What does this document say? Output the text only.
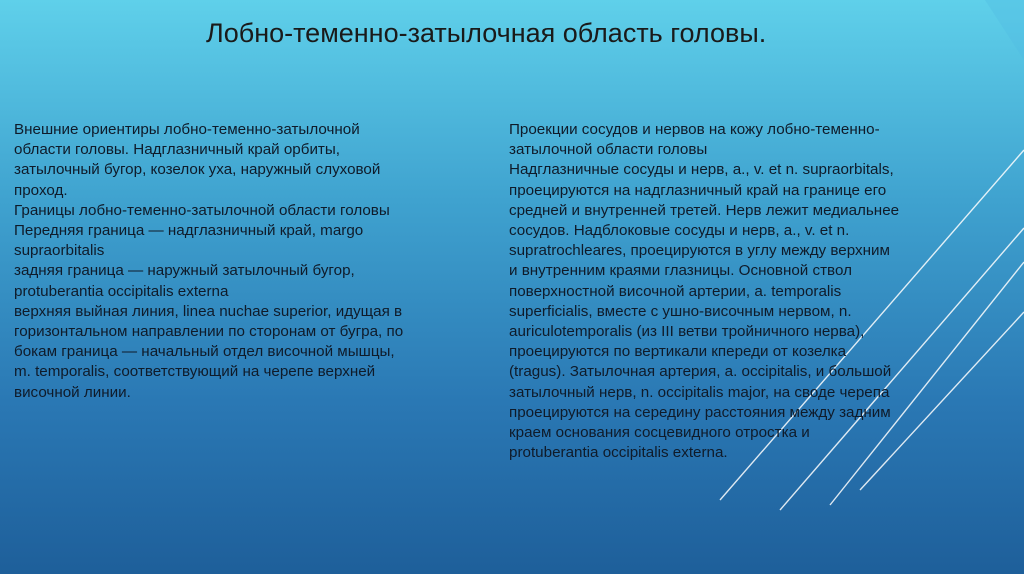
Лобно-теменно-затылочная область головы.
Внешние ориентиры лобно-теменно-затылочной
области головы. Надглазничный край орбиты,
затылочный бугор, козелок уха, наружный слуховой
проход.
Границы лобно-теменно-затылочной области головы
Передняя граница — надглазничный край, margo
supraorbitalis
задняя граница — наружный затылочный бугор,
protuberantia occipitalis externa
верхняя выйная линия, linea nuchae superior, идущая в
горизонтальном направлении по сторонам от бугра, по
бокам граница — начальный отдел височной мышцы,
m. temporalis, соответствующий на черепе верхней
височной линии.
Проекции сосудов и нервов на кожу лобно-теменно-
затылочной области головы
Надглазничные сосуды и нерв, a., v. et n. supraorbitals,
проецируются на надглазничный край на границе его
средней и внутренней третей. Нерв лежит медиальнее
сосудов. Надблоковые сосуды и нерв, a., v. et n.
supratrochleares, проецируются в углу между верхним
и внутренним краями глазницы. Основной ствол
поверхностной височной артерии, a. temporalis
superficialis, вместе с ушно-височным нервом, n.
auriculotemporalis (из III ветви тройничного нерва),
проецируются по вертикали кпереди от козелка
(tragus). Затылочная артерия, a. occipitalis, и большой
затылочный нерв, n. occipitalis major, на своде черепа
проецируются на середину расстояния между задним
краем основания сосцевидного отростка и
protuberantia occipitalis externa.
